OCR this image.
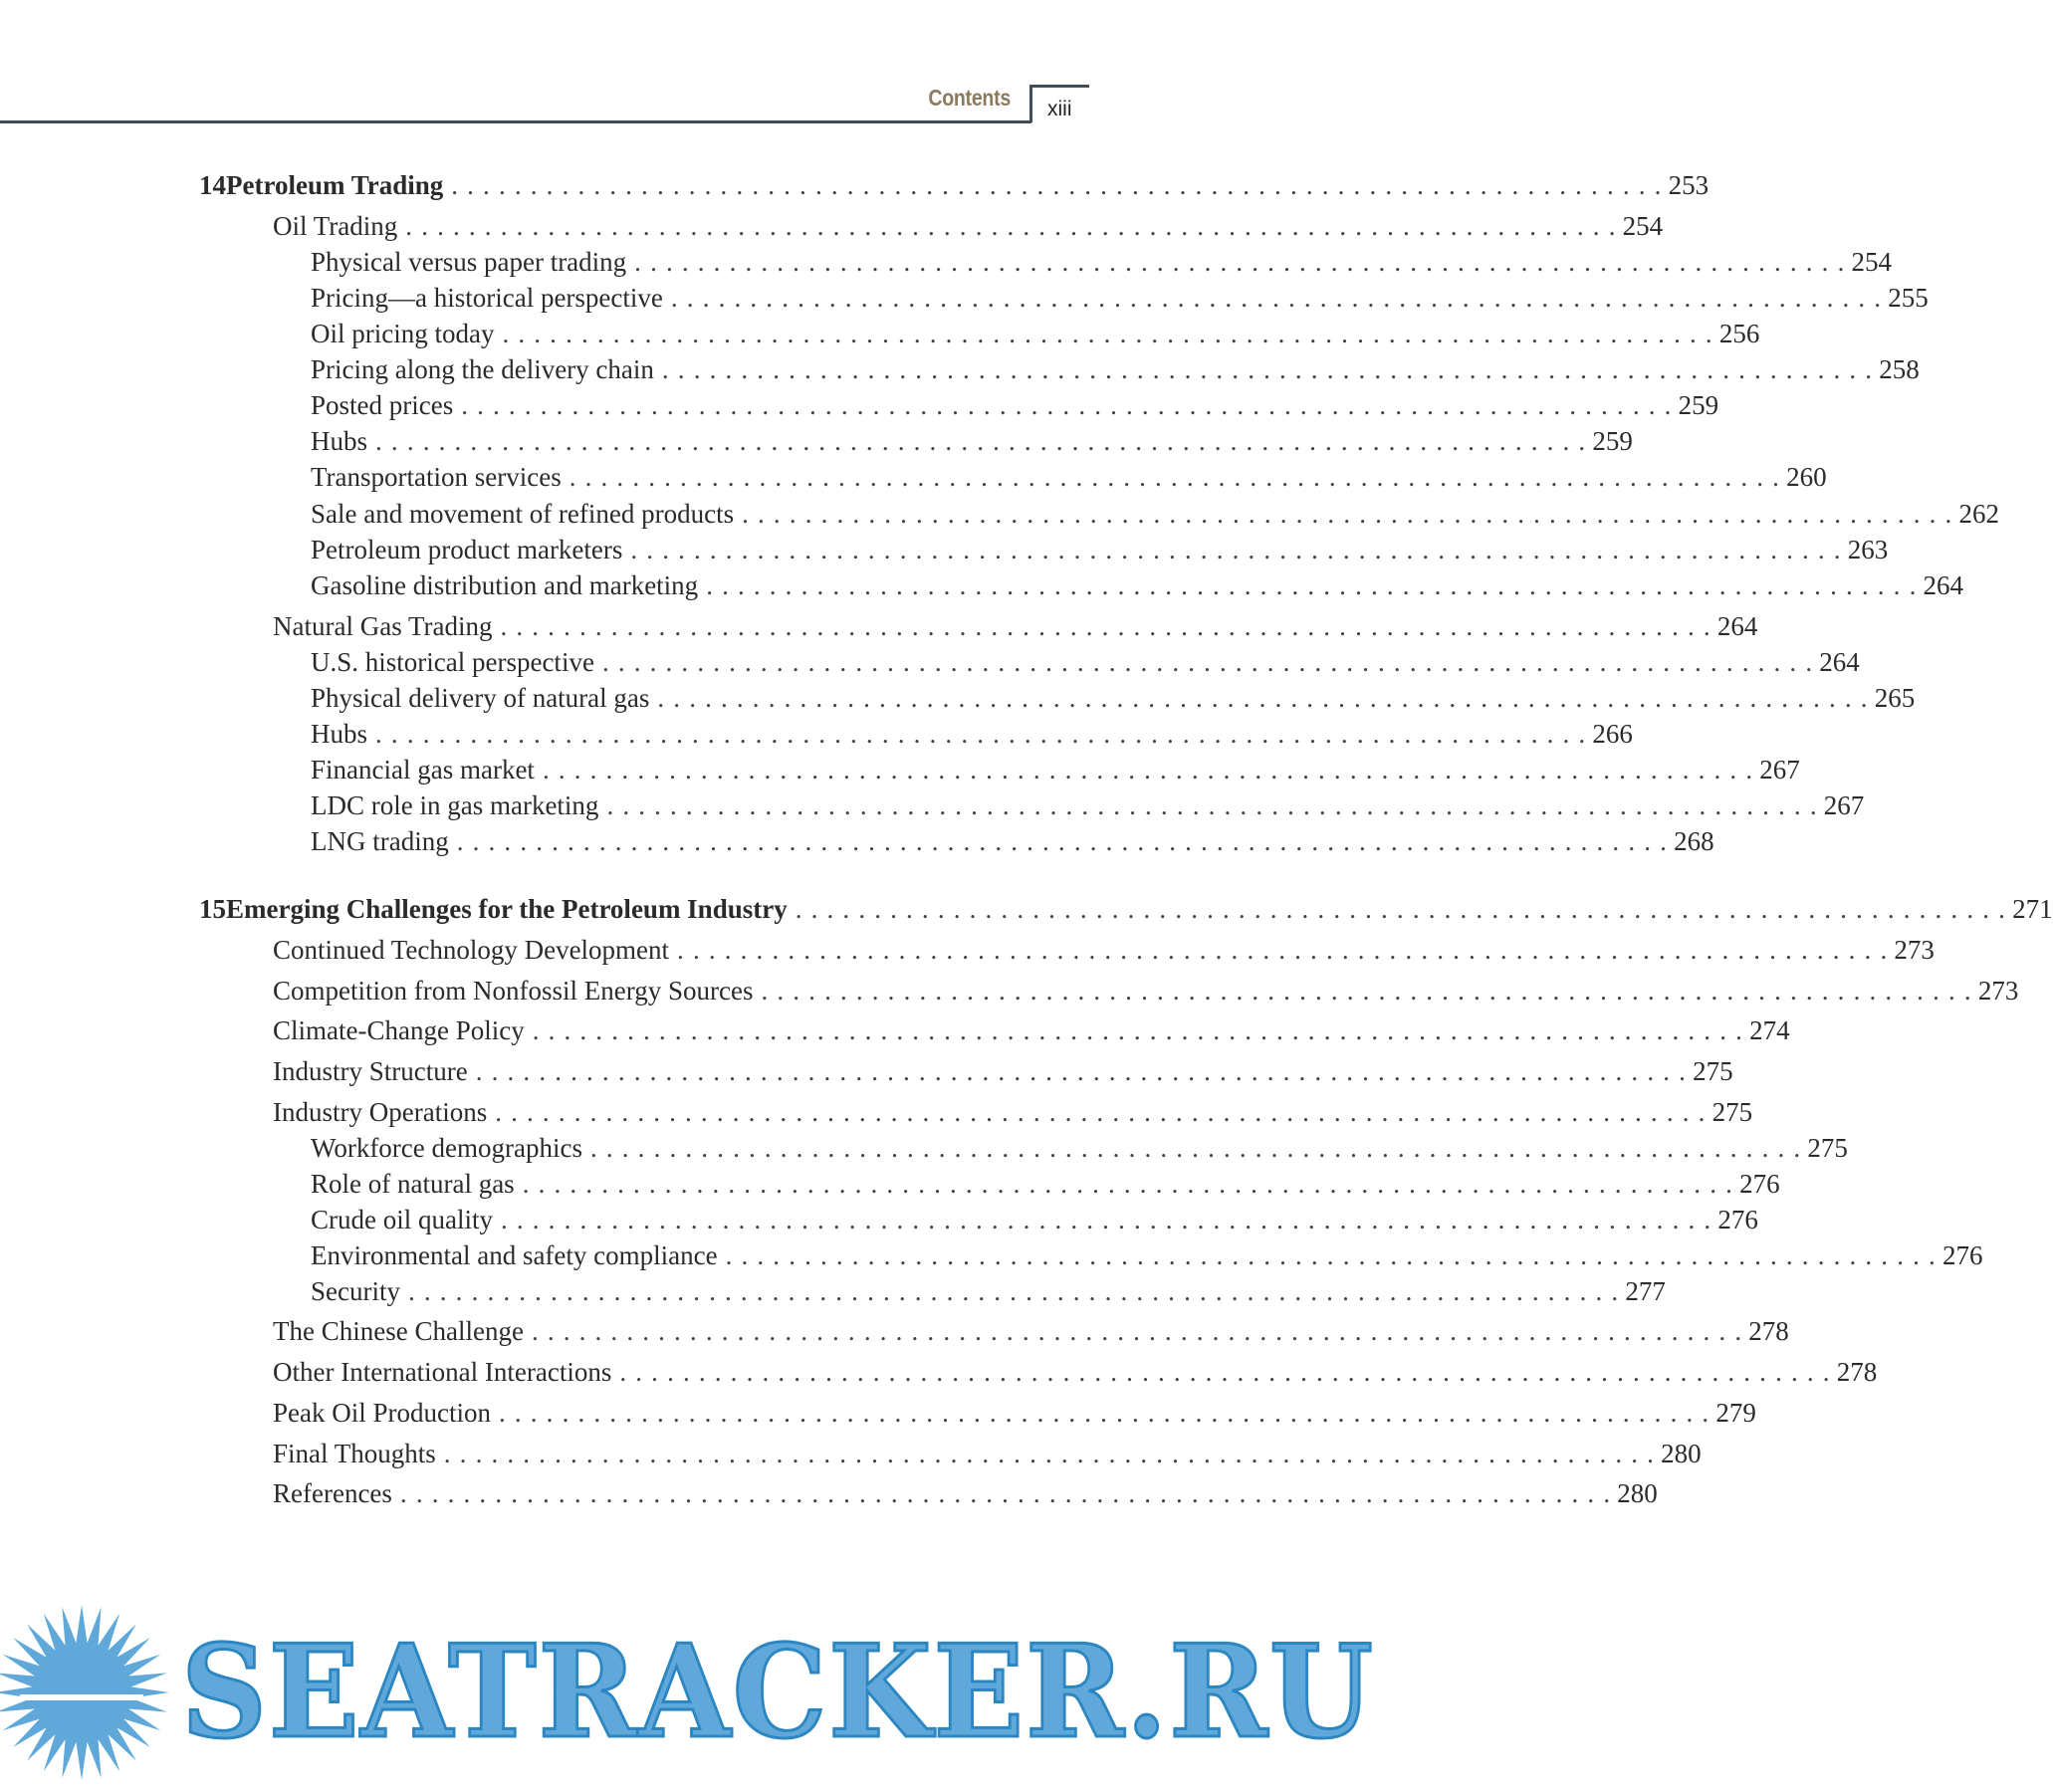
Contents xiii
14 Petroleum Trading . . .	253
Oil Trading . . .	254
Physical versus paper trading . . .	254
Pricing—a historical perspective . . .	255
Oil pricing today . . .	256
Pricing along the delivery chain . . .	258
Posted prices . . .	259
Hubs . . .	259
Transportation services . . .	260
Sale and movement of refined products . . .	262
Petroleum product marketers . . .	263
Gasoline distribution and marketing . . .	264
Natural Gas Trading . . .	264
U.S. historical perspective . . .	264
Physical delivery of natural gas . . .	265
Hubs . . .	266
Financial gas market . . .	267
LDC role in gas marketing . . .	267
LNG trading . . .	268
15 Emerging Challenges for the Petroleum Industry . . .	271
Continued Technology Development . . .	273
Competition from Nonfossil Energy Sources . . .	273
Climate-Change Policy . . .	274
Industry Structure . . .	275
Industry Operations . . .	275
Workforce demographics . . .	275
Role of natural gas . . .	276
Crude oil quality . . .	276
Environmental and safety compliance . . .	276
Security . . .	277
The Chinese Challenge . . .	278
Other International Interactions . . .	278
Peak Oil Production . . .	279
Final Thoughts . . .	280
References . . .	280
SEATRACKER.RU
